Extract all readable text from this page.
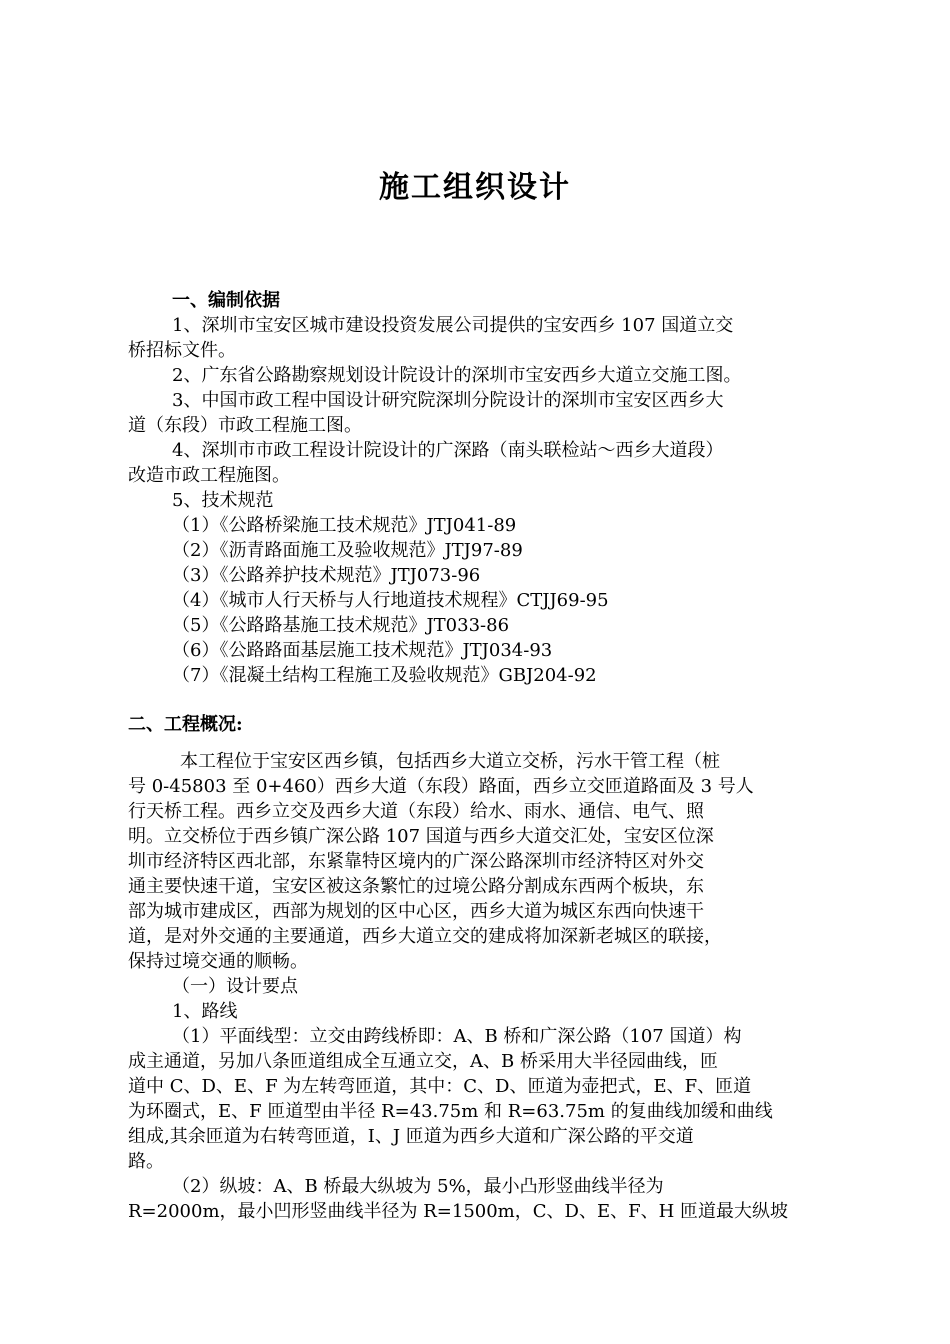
施工组织设计
一、编制依据
1、深圳市宝安区城市建设投资发展公司提供的宝安西乡 107 国道立交
桥招标文件。
2、广东省公路勘察规划设计院设计的深圳市宝安西乡大道立交施工图。
3、中国市政工程中国设计研究院深圳分院设计的深圳市宝安区西乡大
道（东段）市政工程施工图。
4、深圳市市政工程设计院设计的广深路（南头联检站～西乡大道段）
改造市政工程施图。
5、技术规范
（1）《公路桥梁施工技术规范》JTJ041-89
（2）《沥青路面施工及验收规范》JTJ97-89
（3）《公路养护技术规范》JTJ073-96
（4）《城市人行天桥与人行地道技术规程》CTJJ69-95
（5）《公路路基施工技术规范》JT033-86
（6）《公路路面基层施工技术规范》JTJ034-93
（7）《混凝土结构工程施工及验收规范》GBJ204-92
二、工程概况:
本工程位于宝安区西乡镇，包括西乡大道立交桥，污水干管工程（桩
号 0-45803 至 0+460）西乡大道（东段）路面，西乡立交匝道路面及 3 号人
行天桥工程。西乡立交及西乡大道（东段）给水、雨水、通信、电气、照
明。立交桥位于西乡镇广深公路 107 国道与西乡大道交汇处，宝安区位深
圳市经济特区西北部，东紧靠特区境内的广深公路深圳市经济特区对外交
通主要快速干道，宝安区被这条繁忙的过境公路分割成东西两个板块，东
部为城市建成区，西部为规划的区中心区，西乡大道为城区东西向快速干
道，是对外交通的主要通道，西乡大道立交的建成将加深新老城区的联接，
保持过境交通的顺畅。
（一）设计要点
1、路线
（1）平面线型：立交由跨线桥即：A、B 桥和广深公路（107 国道）构
成主通道，另加八条匝道组成全互通立交，A、B 桥采用大半径园曲线，匝
道中 C、D、E、F 为左转弯匝道，其中：C、D、匝道为壶把式，E、F、匝道
为环圈式，E、F 匝道型由半径 R=43.75m 和 R=63.75m 的复曲线加缓和曲线
组成,其余匝道为右转弯匝道，I、J 匝道为西乡大道和广深公路的平交道
路。
（2）纵坡：A、B 桥最大纵坡为 5%，最小凸形竖曲线半径为
R=2000m，最小凹形竖曲线半径为 R=1500m，C、D、E、F、H 匝道最大纵坡
